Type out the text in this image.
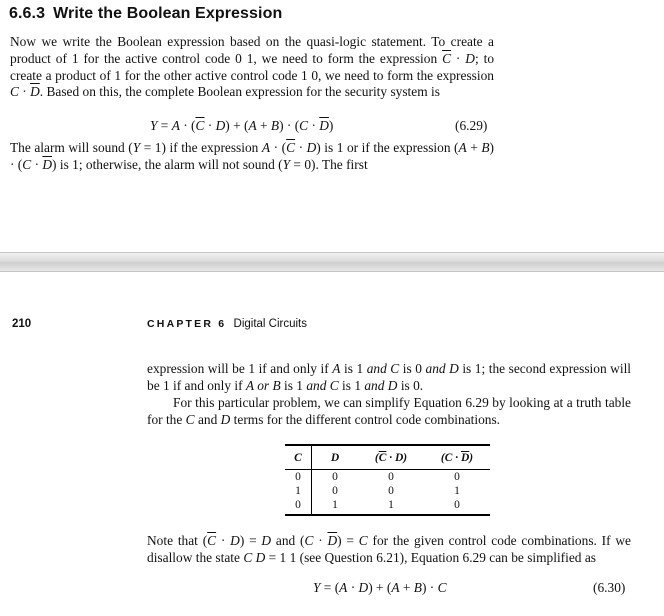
6.6.3 Write the Boolean Expression

Now we write the Boolean expression based on the quasi-logic statement. To create a product of 1 for the active control code 0 1, we need to form the expression $\overline{C} \cdot D$; to create a product of 1 for the other active control code 1 0, we need to form the expression $C \cdot \overline{D}$. Based on this, the complete Boolean expression for the security system is

$Y = A \cdot (\overline{C} \cdot D) + (A + B) \cdot (C \cdot \overline{D})$	(6.29)

The alarm will sound (Y = 1) if the expression $A \cdot (\overline{C} \cdot D)$ is 1 or if the expression $(A + B) \cdot (C \cdot \overline{D})$ is 1; otherwise, the alarm will not sound (Y = 0). The first

210	CHAPTER 6 Digital Circuits

expression will be 1 if and only if A is 1 and C is 0 and D is 1; the second expression will be 1 if and only if A or B is 1 and C is 1 and D is 0.

For this particular problem, we can simplify Equation 6.29 by looking at a truth table for the C and D terms for the different control code combinations.

C	D	$(\overline{C} \cdot D)$	$(C \cdot \overline{D})$
0	0	0	0
1	0	0	1
0	1	1	0

Note that $(\overline{C} \cdot D) = D$ and $(C \cdot \overline{D}) = C$ for the given control code combinations. If we disallow the state C D = 1 1 (see Question 6.21), Equation 6.29 can be simplified as

Y = (A · D) + (A + B) · C	(6.30)
